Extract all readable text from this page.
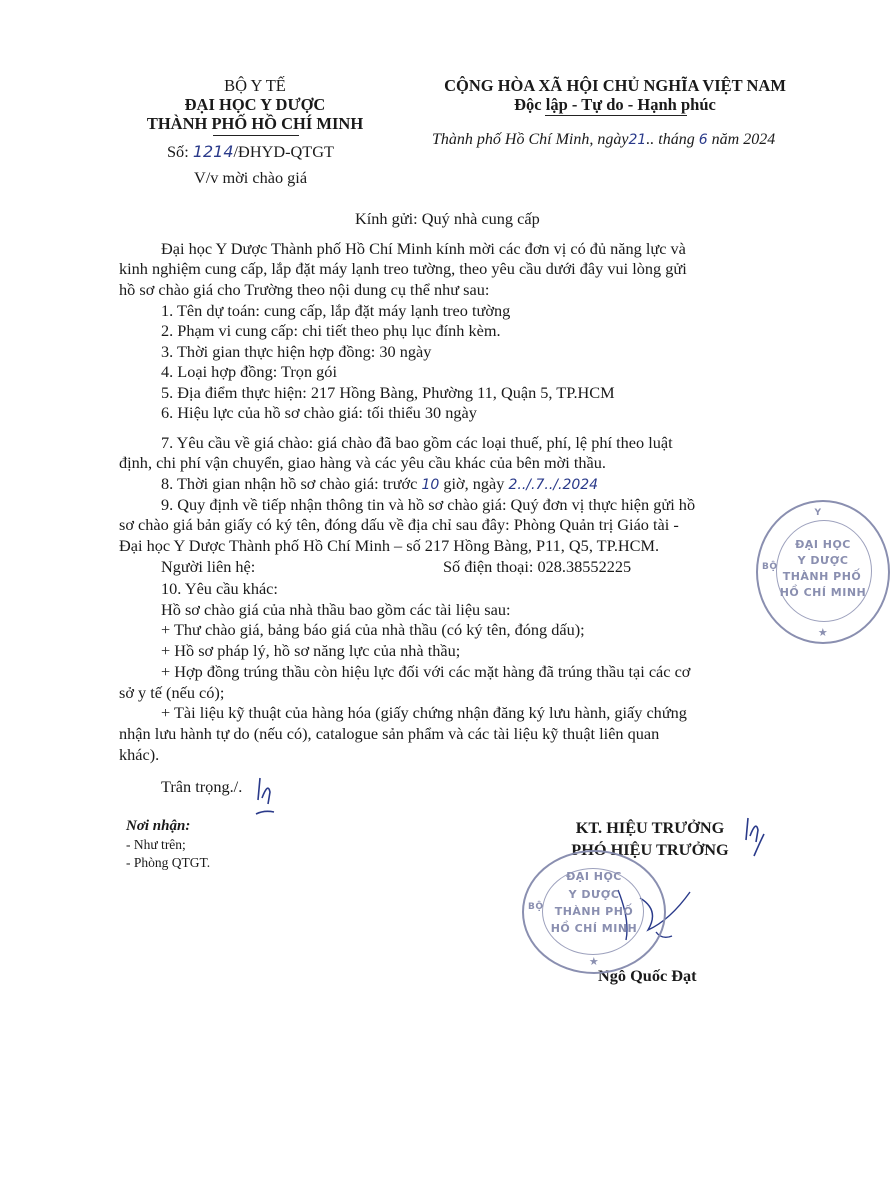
BỘ Y TẾ
ĐẠI HỌC Y DƯỢC
THÀNH PHỐ HỒ CHÍ MINH
Số: 1214/ĐHYD-QTGT
V/v mời chào giá
CỘNG HÒA XÃ HỘI CHỦ NGHĨA VIỆT NAM
Độc lập - Tự do - Hạnh phúc
Thành phố Hồ Chí Minh, ngày21.. tháng 6 năm 2024
Kính gửi: Quý nhà cung cấp
Đại học Y Dược Thành phố Hồ Chí Minh kính mời các đơn vị có đủ năng lực và
kinh nghiệm cung cấp, lắp đặt máy lạnh treo tường, theo yêu cầu dưới đây vui lòng gửi
hồ sơ chào giá cho Trường theo nội dung cụ thể như sau:
1. Tên dự toán: cung cấp, lắp đặt máy lạnh treo tường
2. Phạm vi cung cấp: chi tiết theo phụ lục đính kèm.
3. Thời gian thực hiện hợp đồng: 30 ngày
4. Loại hợp đồng: Trọn gói
5. Địa điểm thực hiện: 217 Hồng Bàng, Phường 11, Quận 5, TP.HCM
6. Hiệu lực của hồ sơ chào giá: tối thiểu 30 ngày
7. Yêu cầu về giá chào: giá chào đã bao gồm các loại thuế, phí, lệ phí theo luật
định, chi phí vận chuyển, giao hàng và các yêu cầu khác của bên mời thầu.
8. Thời gian nhận hồ sơ chào giá: trước 10 giờ, ngày 2../.7../.2024
9. Quy định về tiếp nhận thông tin và hồ sơ chào giá: Quý đơn vị thực hiện gửi hồ
sơ chào giá bản giấy có ký tên, đóng dấu về địa chỉ sau đây: Phòng Quản trị Giáo tài -
Đại học Y Dược Thành phố Hồ Chí Minh – số 217 Hồng Bàng, P11, Q5, TP.HCM.
Người liên hệ:	Số điện thoại: 028.38552225
10. Yêu cầu khác:
Hồ sơ chào giá của nhà thầu bao gồm các tài liệu sau:
+ Thư chào giá, bảng báo giá của nhà thầu (có ký tên, đóng dấu);
+ Hồ sơ pháp lý, hồ sơ năng lực của nhà thầu;
+ Hợp đồng trúng thầu còn hiệu lực đối với các mặt hàng đã trúng thầu tại các cơ
sở y tế (nếu có);
+ Tài liệu kỹ thuật của hàng hóa (giấy chứng nhận đăng ký lưu hành, giấy chứng
nhận lưu hành tự do (nếu có), catalogue sản phẩm và các tài liệu kỹ thuật liên quan
khác).
Trân trọng./.
Nơi nhận:
- Như trên;
- Phòng QTGT.
KT. HIỆU TRƯỞNG
PHÓ HIỆU TRƯỞNG
Ngô Quốc Đạt
ĐẠI HỌC
Y DƯỢC
THÀNH PHỐ
HỒ CHÍ MINH
BỘ
★
Y
ĐẠI HỌC
Y DƯỢC
THÀNH PHỐ
HỒ CHÍ MINH
BỘ
★
